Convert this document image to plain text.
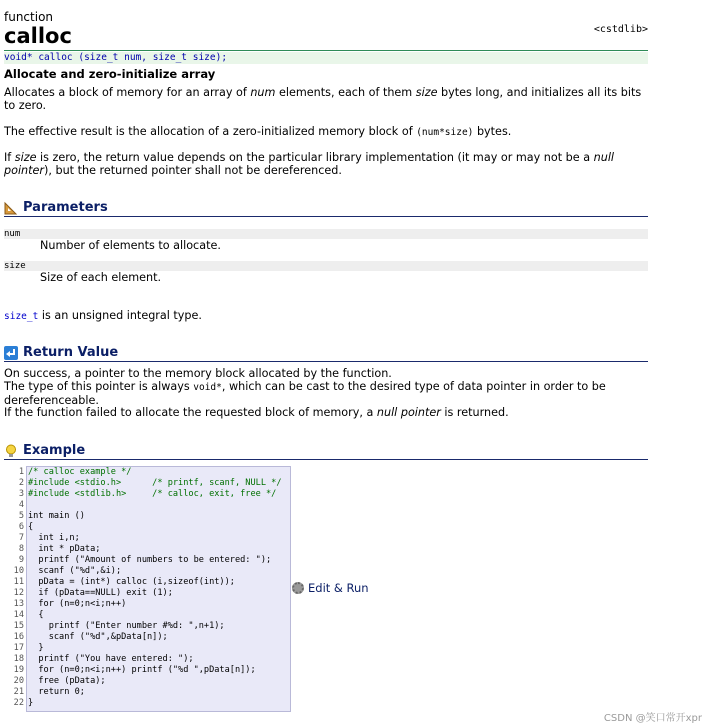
function
calloc	<cstdlib>
void* calloc (size_t num, size_t size);
Allocate and zero-initialize array

Allocates a block of memory for an array of num elements, each of them size bytes long, and initializes all its bits to zero.

The effective result is the allocation of a zero-initialized memory block of (num*size) bytes.

If size is zero, the return value depends on the particular library implementation (it may or may not be a null pointer), but the returned pointer shall not be dereferenced.

Parameters
num
Number of elements to allocate.
size
Size of each element.

size_t is an unsigned integral type.

Return Value

On success, a pointer to the memory block allocated by the function.

The type of this pointer is always void*, which can be cast to the desired type of data pointer in order to be dereferenceable.

If the function failed to allocate the requested block of memory, a null pointer is returned.

Example
1
2
3
4
5
6
7
8
9
10
11
12
13
14
15
16
17
18
19
20
21
22
/* calloc example */
#include <stdio.h>      /* printf, scanf, NULL */
#include <stdlib.h>     /* calloc, exit, free */

int main ()
{
int i,n;
int * pData;
printf ("Amount of numbers to be entered: ");
scanf ("%d",&i);
pData = (int*) calloc (i,sizeof(int));
if (pData==NULL) exit (1);
for (n=0;n<i;n++)
{
printf ("Enter number #%d: ",n+1);
scanf ("%d",&pData[n]);
}
printf ("You have entered: ");
for (n=0;n<i;n++) printf ("%d ",pData[n]);
free (pData);
return 0;
}
Edit & Run
CSDN @笑口常开xpr
